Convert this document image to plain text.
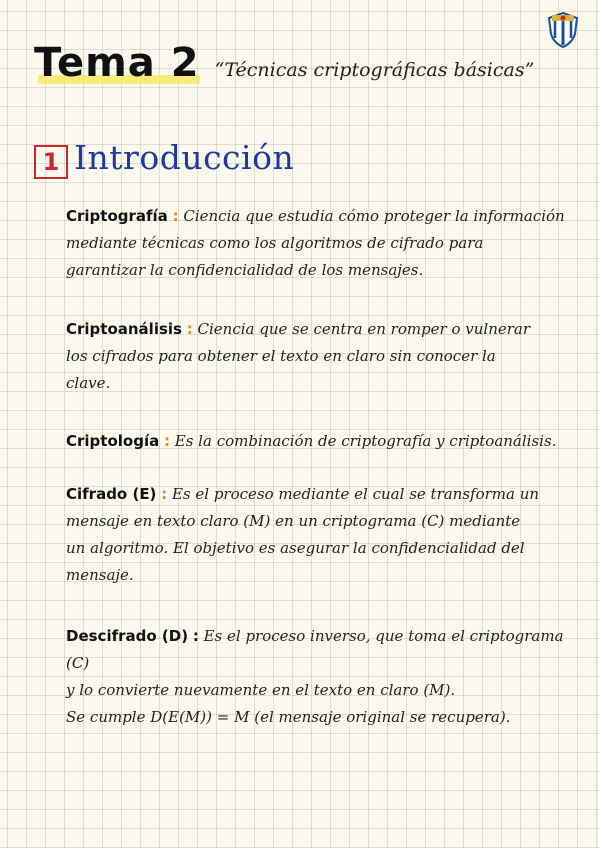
Tema 2 “Técnicas criptográficas básicas”
1 Introducción
Criptografía : Ciencia que estudia cómo proteger la información
mediante técnicas como los algoritmos de cifrado para
garantizar la confidencialidad de los mensajes.
Criptoanálisis : Ciencia que se centra en romper o vulnerar
los cifrados para obtener el texto en claro sin conocer la
clave.
Criptología : Es la combinación de criptografía y criptoanálisis.
Cifrado (E) : Es el proceso mediante el cual se transforma un
mensaje en texto claro (M) en un criptograma (C) mediante
un algoritmo. El objetivo es asegurar la confidencialidad del
mensaje.
Descifrado (D) : Es el proceso inverso, que toma el criptograma (C)
y lo convierte nuevamente en el texto en claro (M).
Se cumple D(E(M)) = M (el mensaje original se recupera).
